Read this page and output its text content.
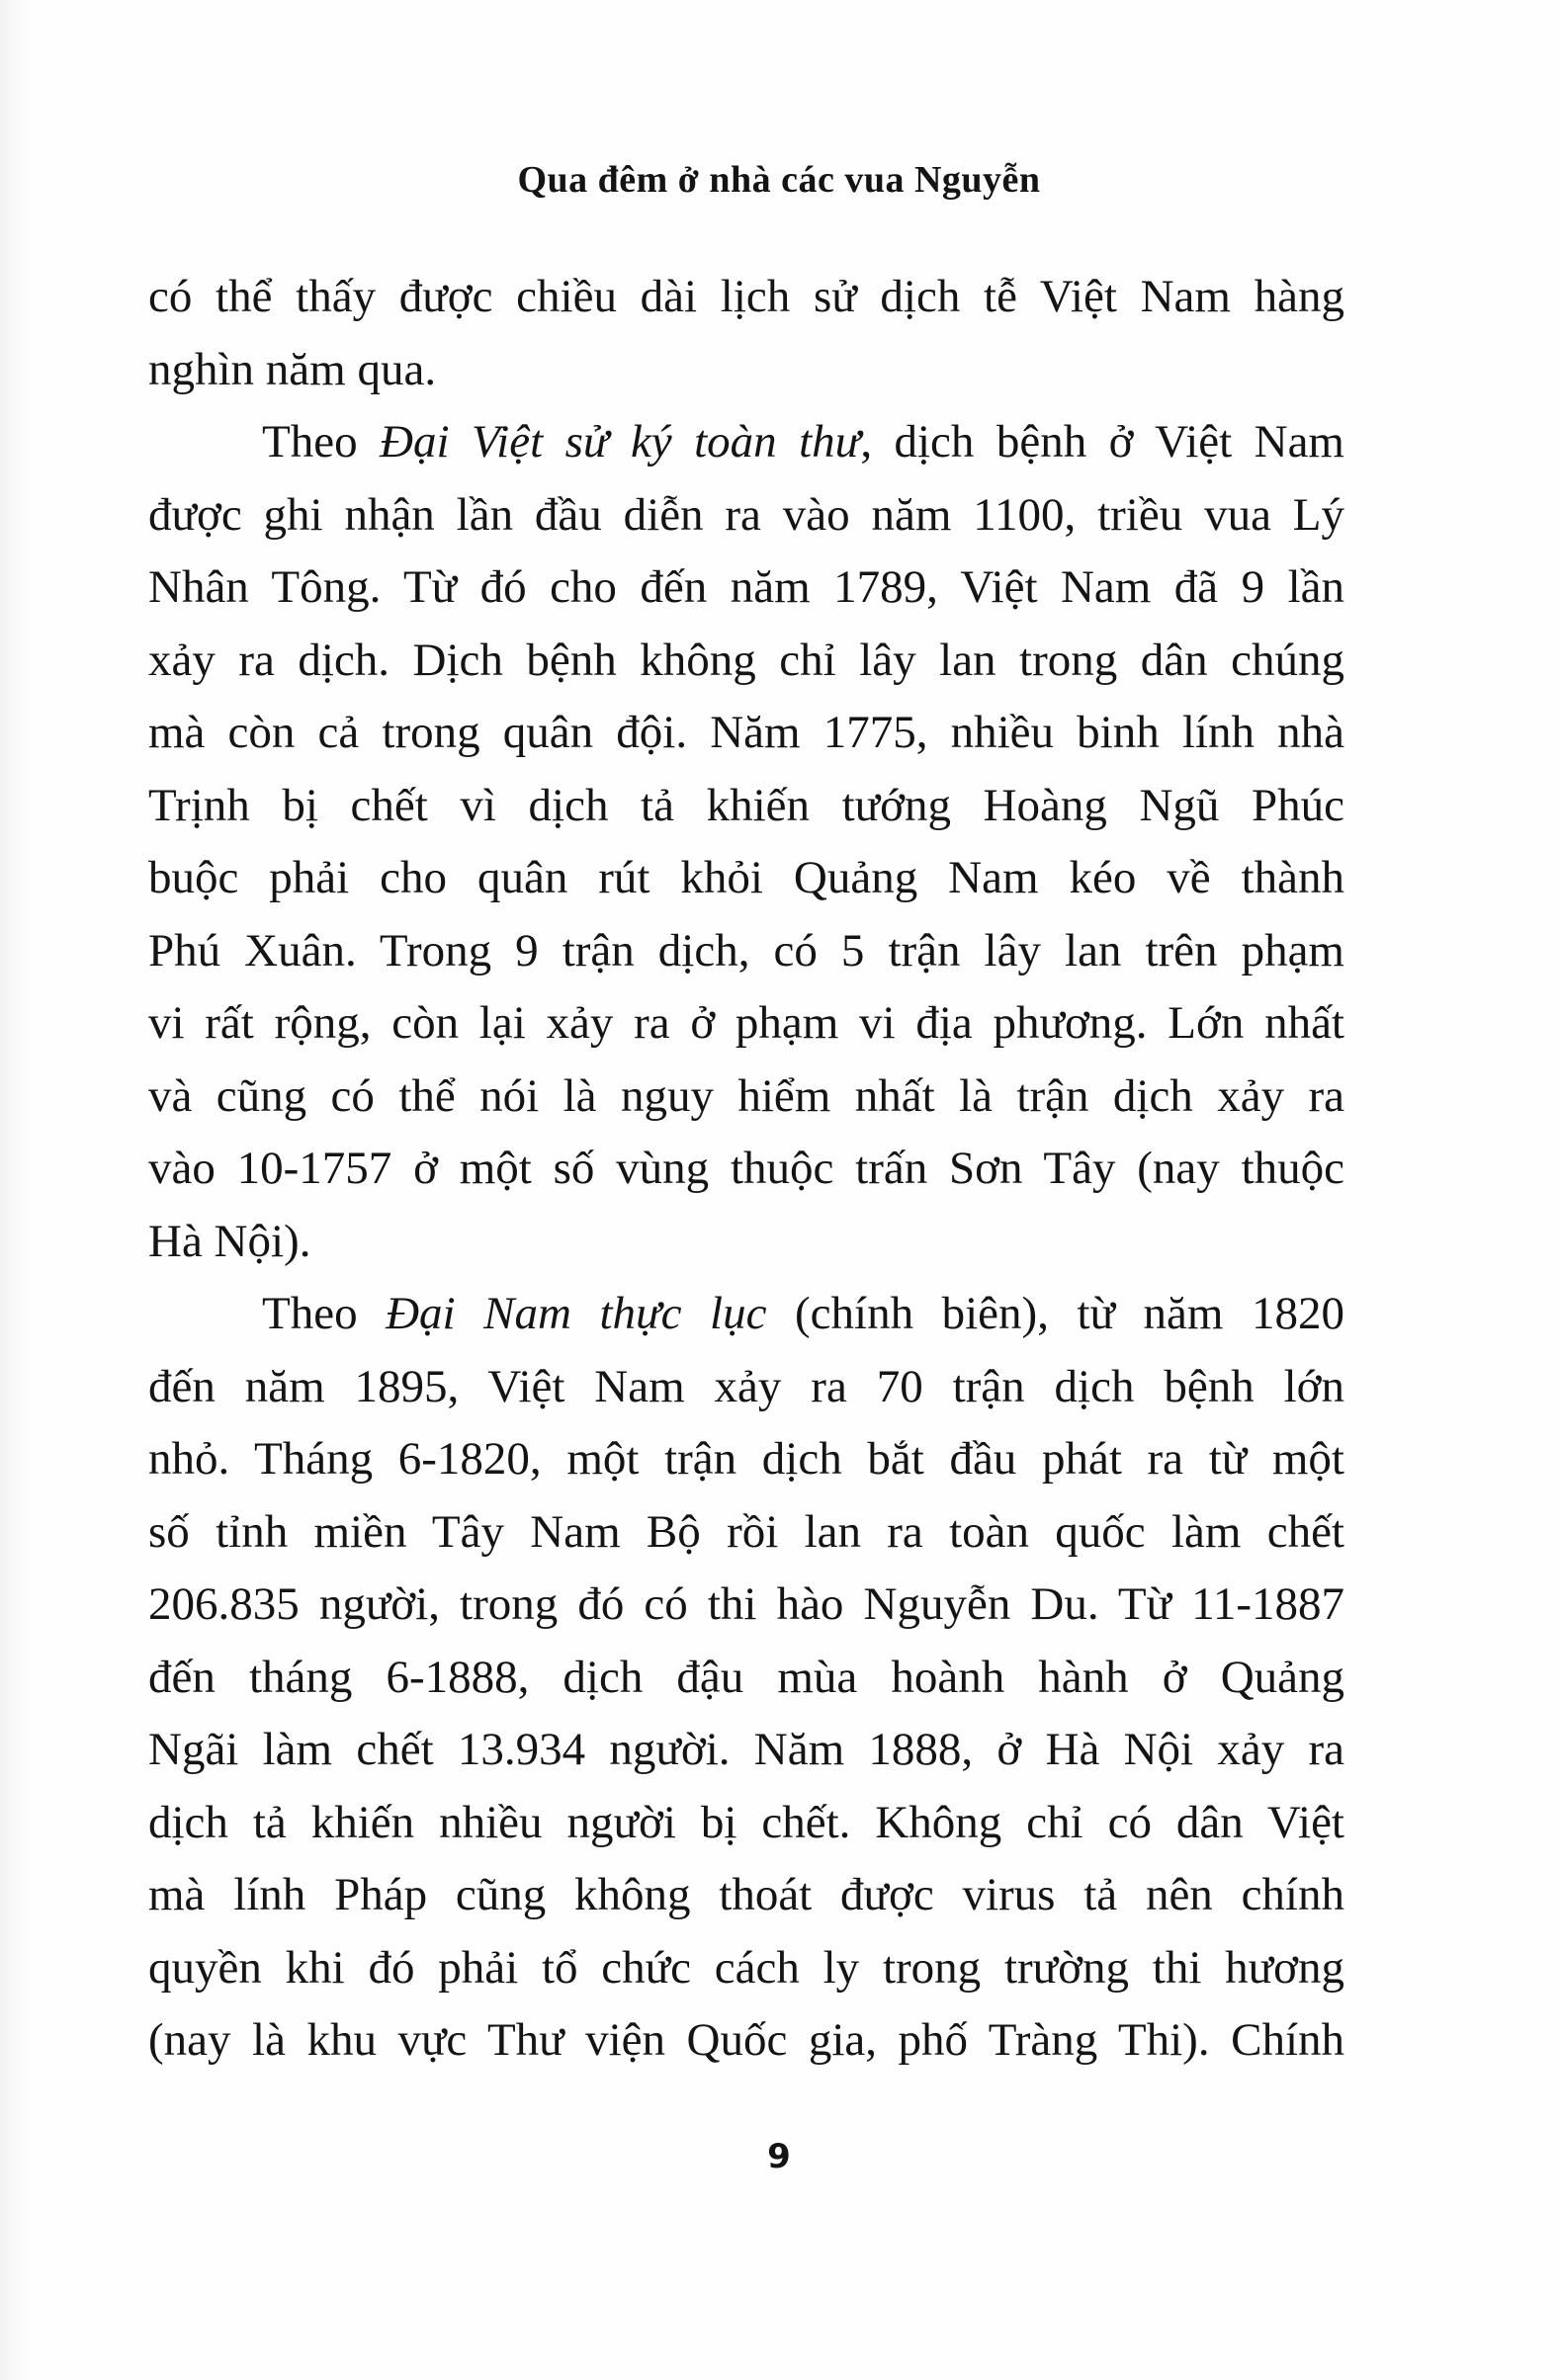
Qua đêm ở nhà các vua Nguyễn
có thể thấy được chiều dài lịch sử dịch tễ Việt Nam hàng
nghìn năm qua.
Theo Đại Việt sử ký toàn thư, dịch bệnh ở Việt Nam
được ghi nhận lần đầu diễn ra vào năm 1100, triều vua Lý
Nhân Tông. Từ đó cho đến năm 1789, Việt Nam đã 9 lần
xảy ra dịch. Dịch bệnh không chỉ lây lan trong dân chúng
mà còn cả trong quân đội. Năm 1775, nhiều binh lính nhà
Trịnh bị chết vì dịch tả khiến tướng Hoàng Ngũ Phúc
buộc phải cho quân rút khỏi Quảng Nam kéo về thành
Phú Xuân. Trong 9 trận dịch, có 5 trận lây lan trên phạm
vi rất rộng, còn lại xảy ra ở phạm vi địa phương. Lớn nhất
và cũng có thể nói là nguy hiểm nhất là trận dịch xảy ra
vào 10-1757 ở một số vùng thuộc trấn Sơn Tây (nay thuộc
Hà Nội).
Theo Đại Nam thực lục (chính biên), từ năm 1820
đến năm 1895, Việt Nam xảy ra 70 trận dịch bệnh lớn
nhỏ. Tháng 6-1820, một trận dịch bắt đầu phát ra từ một
số tỉnh miền Tây Nam Bộ rồi lan ra toàn quốc làm chết
206.835 người, trong đó có thi hào Nguyễn Du. Từ 11-1887
đến tháng 6-1888, dịch đậu mùa hoành hành ở Quảng
Ngãi làm chết 13.934 người. Năm 1888, ở Hà Nội xảy ra
dịch tả khiến nhiều người bị chết. Không chỉ có dân Việt
mà lính Pháp cũng không thoát được virus tả nên chính
quyền khi đó phải tổ chức cách ly trong trường thi hương
(nay là khu vực Thư viện Quốc gia, phố Tràng Thi). Chính
9
